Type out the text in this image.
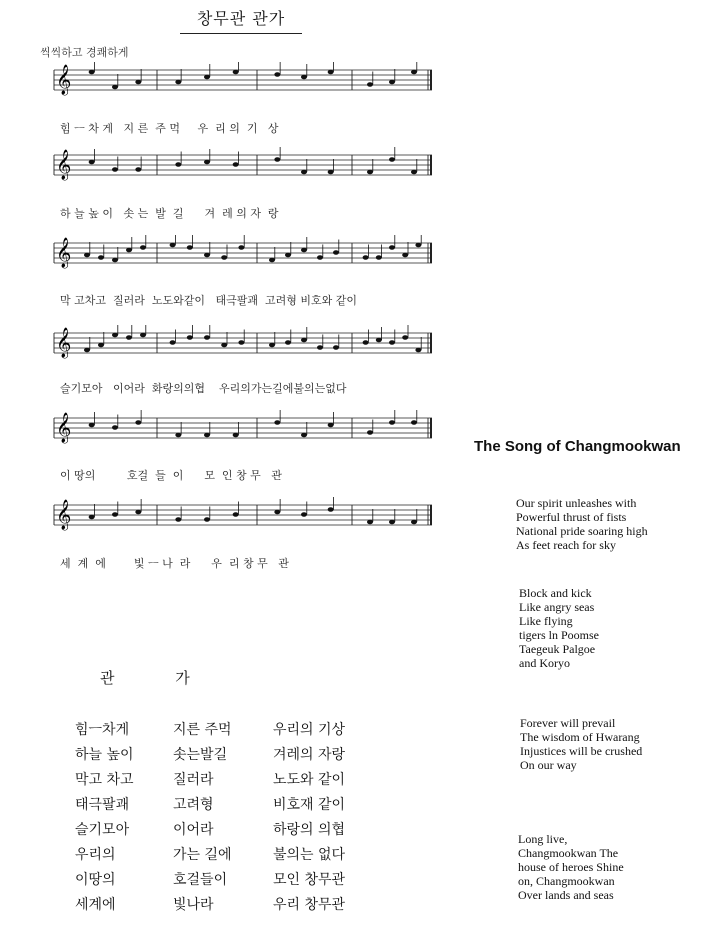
창무관 관가
씩씩하고 경쾌하게
𝄞
𝄞
𝄞
𝄞
𝄞
𝄞
힘 ㅡ 차 게   지 른  주 먹     우  리 의  기   상
하 늘 높 이   솟 는  발  길      겨  레 의 자  랑
막 고차고  질러라  노도와같이   태극팔괘  고려형 비호와 같이
슬기모아   이어라  화랑의의협    우리의가는길에불의는없다
이 땅의         호걸  들  이      모  인 창 무   관
세  계  에        빛 ㅡ 나  라      우  리 창 무   관
The Song of Changmookwan
Our spirit unleashes with
Powerful thrust of fists
National pride soaring high
As feet reach for sky
Block and kick
Like angry seas
Like flying
tigers ln Poomse
Taegeuk Palgoe
and Koryo
Forever will prevail
The wisdom of Hwarang
Injustices will be crushed
On our way
Long live,
Changmookwan The
house of heroes Shine
on, Changmookwan
Over lands and seas
관 가
힘ㅡ차게	지른 주먹	우리의 기상
하늘 높이	솟는발길	겨레의 자랑
막고 차고	질러라	노도와 같이
태극팔괘	고려형	비호재 같이
슬기모아	이어라	하랑의 의협
우리의	가는 길에	불의는 없다
이땅의	호걸들이	모인 창무관
세계에	빛나라	우리 창무관
